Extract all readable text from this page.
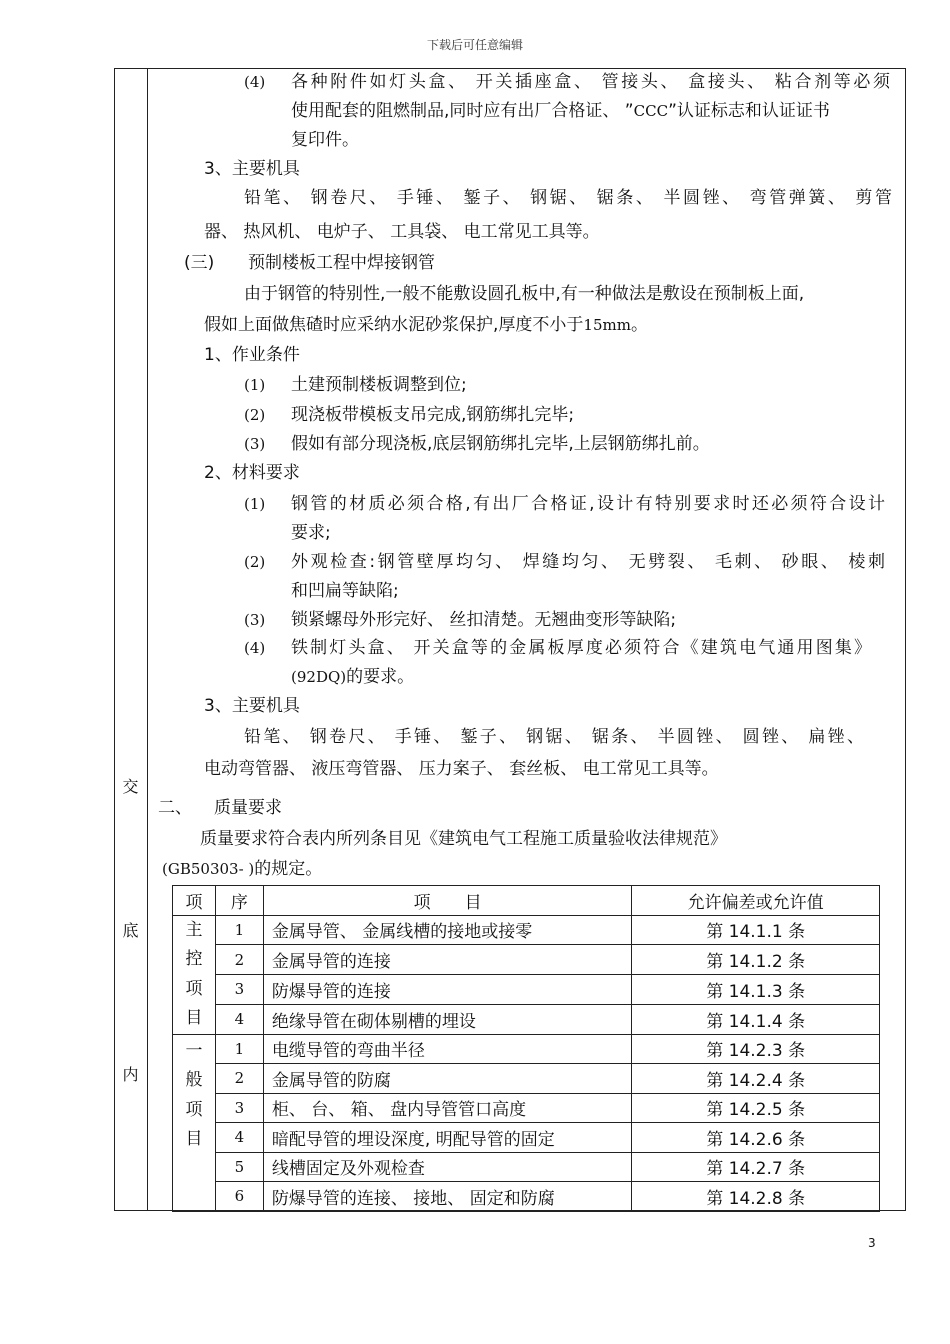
下载后可任意编辑
交
底
内
(4) 各种附件如灯头盒、 开关插座盒、 管接头、 盒接头、 粘合剂等必须
使用配套的阻燃制品,同时应有出厂合格证、 ”CCC”认证标志和认证证书
复印件。
3、主要机具
铅笔、 钢卷尺、 手锤、 錾子、 钢锯、 锯条、 半圆锉、 弯管弹簧、 剪管
器、 热风机、 电炉子、 工具袋、 电工常见工具等。
(三) 预制楼板工程中焊接钢管
由于钢管的特别性,一般不能敷设圆孔板中,有一种做法是敷设在预制板上面,
假如上面做焦碴时应采纳水泥砂浆保护,厚度不小于15mm。
1、作业条件
(1) 土建预制楼板调整到位;
(2) 现浇板带模板支吊完成,钢筋绑扎完毕;
(3) 假如有部分现浇板,底层钢筋绑扎完毕,上层钢筋绑扎前。
2、材料要求
(1) 钢管的材质必须合格,有出厂合格证,设计有特别要求时还必须符合设计
要求;
(2) 外观检查:钢管壁厚均匀、 焊缝均匀、 无劈裂、 毛刺、 砂眼、 棱刺
和凹扁等缺陷;
(3) 锁紧螺母外形完好、 丝扣清楚。无翘曲变形等缺陷;
(4) 铁制灯头盒、 开关盒等的金属板厚度必须符合《建筑电气通用图集》
(92DQ)的要求。
3、主要机具
铅笔、 钢卷尺、 手锤、 錾子、 钢锯、 锯条、 半圆锉、 圆锉、 扁锉、
电动弯管器、 液压弯管器、 压力案子、 套丝板、 电工常见工具等。
二、 质量要求
质量要求符合表内所列条目见《建筑电气工程施工质量验收法律规范》
(GB50303- )的规定。
项	序	项　　目	允许偏差或允许值
主
控
项
目	1	金属导管、 金属线槽的接地或接零	第 14.1.1 条
	2	金属导管的连接	第 14.1.2 条
	3	防爆导管的连接	第 14.1.3 条
	4	绝缘导管在砌体剔槽的埋设	第 14.1.4 条
一
般
项
目	1	电缆导管的弯曲半径	第 14.2.3 条
	2	金属导管的防腐	第 14.2.4 条
	3	柜、 台、 箱、 盘内导管管口高度	第 14.2.5 条
	4	暗配导管的埋设深度, 明配导管的固定	第 14.2.6 条
	5	线槽固定及外观检查	第 14.2.7 条
	6	防爆导管的连接、 接地、 固定和防腐	第 14.2.8 条
3
